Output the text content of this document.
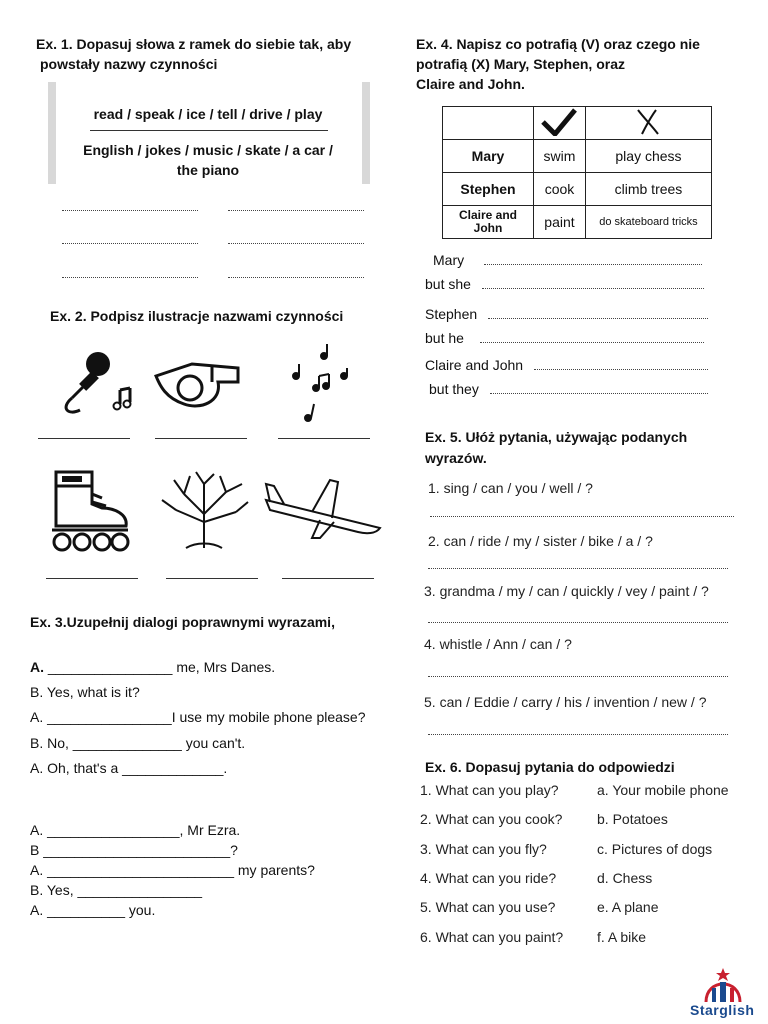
Ex. 1. Dopasuj słowa z ramek do siebie tak, aby
powstały nazwy czynności
read / speak / ice / tell / drive / play
English / jokes / music / skate / a car /
the piano
Ex. 2. Podpisz ilustracje nazwami czynności
Ex. 3.Uzupełnij dialogi poprawnymi wyrazami,
A. ________________ me, Mrs Danes.
B. Yes, what is it?
A. ________________I use my mobile phone please?
B. No, ______________ you can't.
A. Oh, that's a _____________.
A. _________________, Mr Ezra.
B ________________________?
A. ________________________ my parents?
B. Yes, ________________
A. __________ you.
Ex. 4. Napisz co potrafią (V) oraz czego nie
potrafią (X) Mary, Stephen, oraz
Claire and John.

Mary	swim	play chess
Stephen	cook	climb trees
Claire and John	paint	do skateboard tricks
Mary
but she
Stephen
but he
Claire and John
but they
Ex. 5. Ułóż pytania, używając podanych
wyrazów.
1. sing / can / you / well / ?
2. can / ride / my / sister / bike / a / ?
3. grandma / my / can / quickly / vey / paint / ?
4. whistle / Ann / can / ?
5. can / Eddie / carry / his / invention / new / ?
Ex. 6. Dopasuj pytania do odpowiedzi
1. What can you play?	a. Your mobile phone
2. What can you cook? b. Potatoes
3. What can you fly?	c. Pictures of dogs
4. What can you ride?	d. Chess
5. What can you use?	e. A plane
6. What can you paint? f. A bike
Starglish
